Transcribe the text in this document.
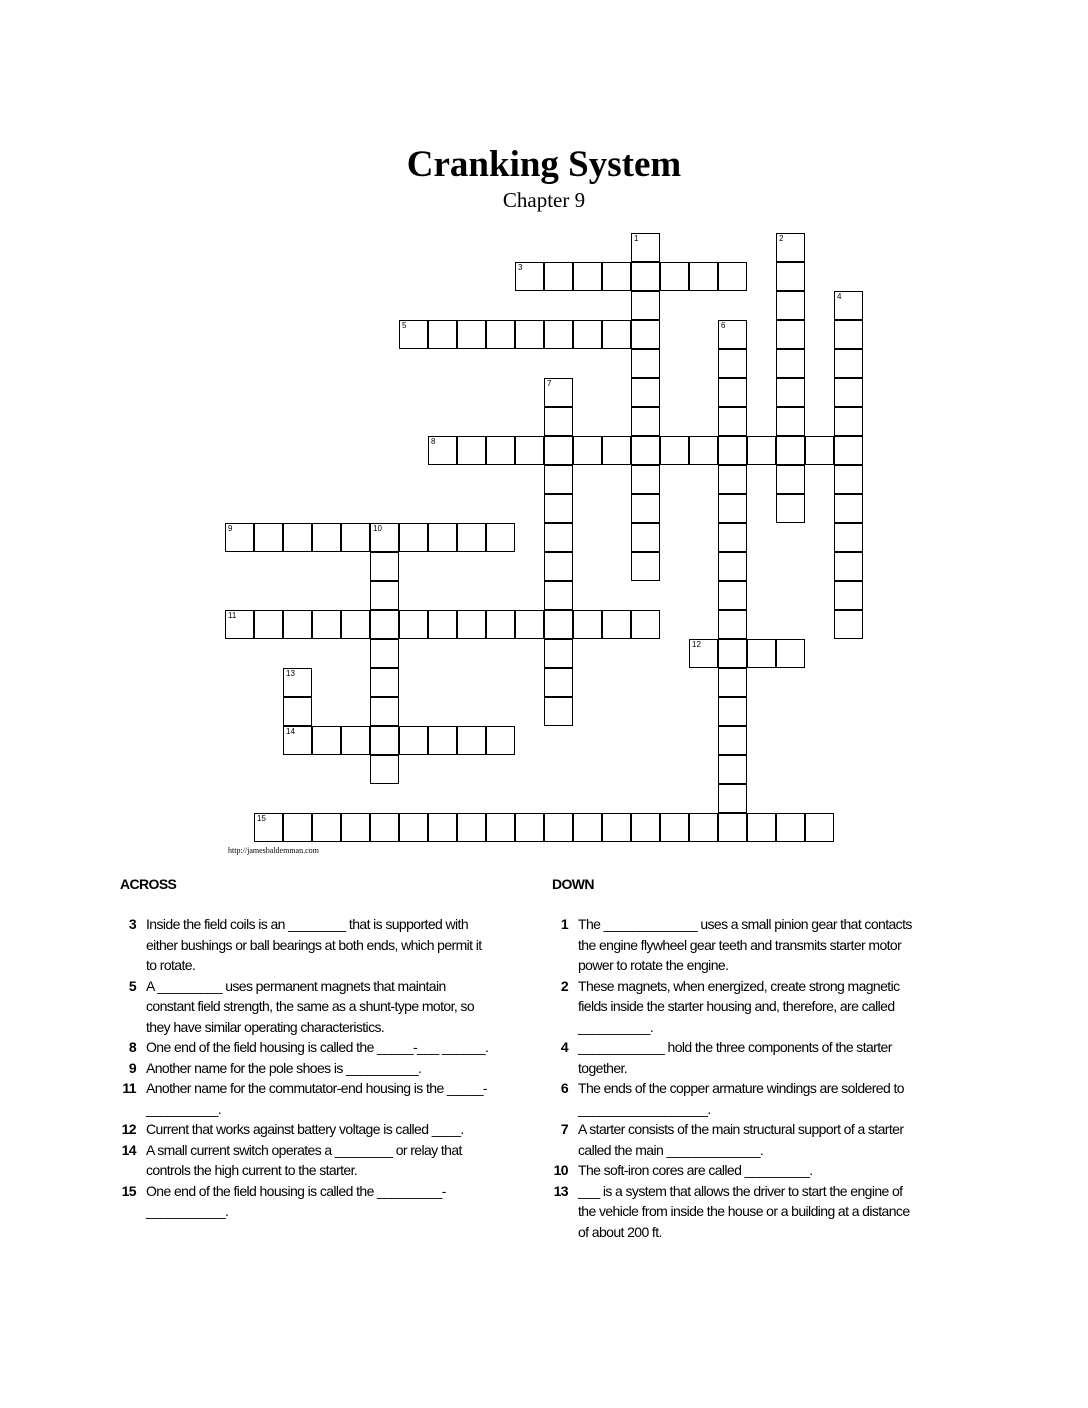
Cranking System
Chapter 9
1	2
3
4
5	6
7
8
9	10
11
12
13
14
15
http://jamesbaldemman.com
ACROSS
3 Inside the field coils is an ________ that is supported with either bushings or ball bearings at both ends, which permit it to rotate.
5 A _________ uses permanent magnets that maintain constant field strength, the same as a shunt-type motor, so they have similar operating characteristics.
8 One end of the field housing is called the _____-___ ______.
9 Another name for the pole shoes is __________.
11 Another name for the commutator-end housing is the _____-__________.
12 Current that works against battery voltage is called ____.
14 A small current switch operates a ________ or relay that controls the high current to the starter.
15 One end of the field housing is called the _________-___________.
DOWN
1 The _____________ uses a small pinion gear that contacts the engine flywheel gear teeth and transmits starter motor power to rotate the engine.
2 These magnets, when energized, create strong magnetic fields inside the starter housing and, therefore, are called __________.
4 ____________ hold the three components of the starter together.
6 The ends of the copper armature windings are soldered to __________________.
7 A starter consists of the main structural support of a starter called the main _____________.
10 The soft-iron cores are called _________.
13 ___ is a system that allows the driver to start the engine of the vehicle from inside the house or a building at a distance of about 200 ft.
